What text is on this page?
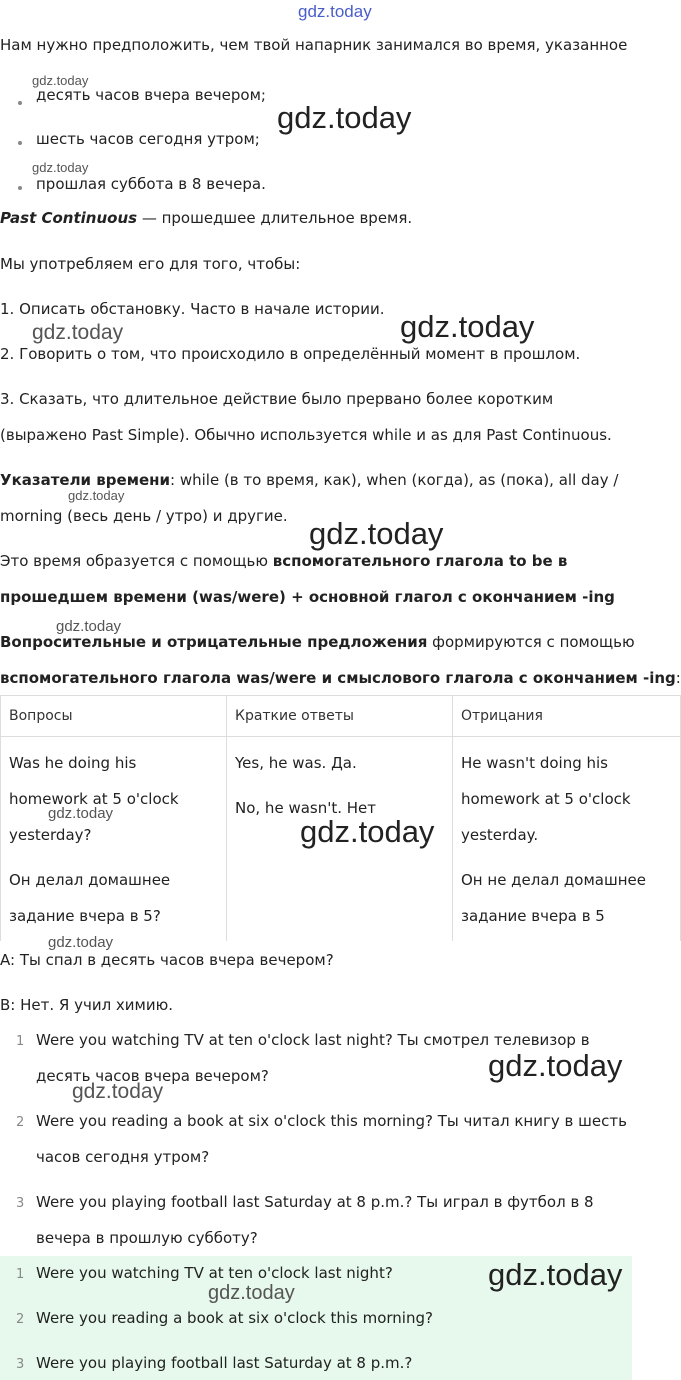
gdz.today
Нам нужно предположить, чем твой напарник занимался во время, указанное
десять часов вчера вечером;
шесть часов сегодня утром;
прошлая суббота в 8 вечера.
Past Continuous — прошедшее длительное время.
Мы употребляем его для того, чтобы:
1. Описать обстановку. Часто в начале истории.
2. Говорить о том, что происходило в определённый момент в прошлом.
3. Сказать, что длительное действие было прервано более коротким
(выражено Past Simple). Обычно используется while и as для Past Continuous.
Указатели времени: while (в то время, как), when (когда), as (пока), all day /
morning (весь день / утро) и другие.
Это время образуется с помощью вспомогательного глагола to be в
прошедшем времени (was/were) + основной глагол с окончанием -ing
Вопросительные и отрицательные предложения формируются с помощью
вспомогательного глагола was/were и смыслового глагола с окончанием -ing:
Вопросы	Краткие ответы	Отрицания
Was he doing his
homework at 5 o'clock
yesterday?
Он делал домашнее
задание вчера в 5?
Yes, he was. Да.
No, he wasn't. Нет
He wasn't doing his
homework at 5 o'clock
yesterday.
Он не делал домашнее
задание вчера в 5
A: Ты спал в десять часов вчера вечером?
B: Нет. Я учил химию.
1 Were you watching TV at ten o'clock last night? Ты смотрел телевизор в
десять часов вчера вечером?
2 Were you reading a book at six o'clock this morning? Ты читал книгу в шесть
часов сегодня утром?
3 Were you playing football last Saturday at 8 p.m.? Ты играл в футбол в 8
вечера в прошлую субботу?
1 Were you watching TV at ten o'clock last night?
2 Were you reading a book at six o'clock this morning?
3 Were you playing football last Saturday at 8 p.m.?
gdz.today
gdz.today
gdz.today
gdz.today
gdz.today
gdz.today
gdz.today
gdz.today
gdz.today
gdz.today
gdz.today
gdz.today
gdz.today
gdz.today
gdz.today
